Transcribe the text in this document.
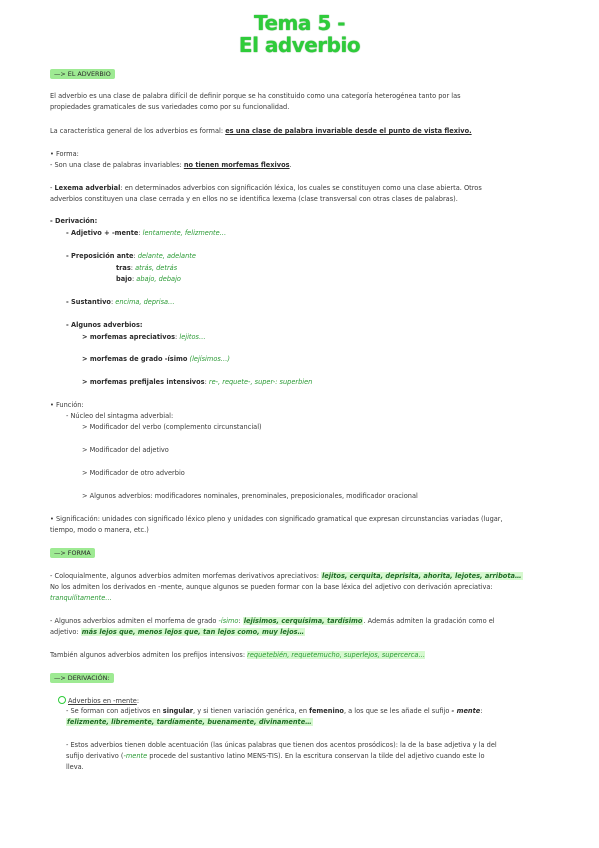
Tema 5 -
El adverbio
—> EL ADVERBIO
El adverbio es una clase de palabra difícil de definir porque se ha constituido como una categoría heterogénea tanto por las
propiedades gramaticales de sus variedades como por su funcionalidad.
La característica general de los adverbios es formal: es una clase de palabra invariable desde el punto de vista flexivo.
• Forma:
- Son una clase de palabras invariables: no tienen morfemas flexivos.
- Lexema adverbial: en determinados adverbios con significación léxica, los cuales se constituyen como una clase abierta. Otros
adverbios constituyen una clase cerrada y en ellos no se identifica lexema (clase transversal con otras clases de palabras).
- Derivación:
- Adjetivo + -mente: lentamente, felizmente…
- Preposición ante: delante, adelante
tras: atrás, detrás
bajo: abajo, debajo
- Sustantivo: encima, deprisa…
- Algunos adverbios:
> morfemas apreciativos: lejitos…
> morfemas de grado -ísimo (lejísimos…)
> morfemas prefijales intensivos: re-, requete-, super-: superbien
• Función:
- Núcleo del sintagma adverbial:
> Modificador del verbo (complemento circunstancial)
> Modificador del adjetivo
> Modificador de otro adverbio
> Algunos adverbios: modificadores nominales, prenominales, preposicionales, modificador oracional
• Significación: unidades con significado léxico pleno y unidades con significado gramatical que expresan circunstancias variadas (lugar,
tiempo, modo o manera, etc.)
—> FORMA
- Coloquialmente, algunos adverbios admiten morfemas derivativos apreciativos: lejitos, cerquita, deprisita, ahorita, lejotes, arribota…
No los admiten los derivados en -mente, aunque algunos se pueden formar con la base léxica del adjetivo con derivación apreciativa:
tranquilitamente…
- Algunos adverbios admiten el morfema de grado -ísimo: lejísimos, cerquísima, tardísimo. Además admiten la gradación como el
adjetivo: más lejos que, menos lejos que, tan lejos como, muy lejos…
También algunos adverbios admiten los prefijos intensivos: requetebién, requetemucho, superlejos, supercerca…
—> DERIVACIÓN:
Adverbios en -mente:
- Se forman con adjetivos en singular, y si tienen variación genérica, en femenino, a los que se les añade el sufijo - mente:
felizmente, libremente, tardíamente, buenamente, divinamente…
- Estos adverbios tienen doble acentuación (las únicas palabras que tienen dos acentos prosódicos): la de la base adjetiva y la del
sufijo derivativo (-mente procede del sustantivo latino MENS-TIS). En la escritura conservan la tilde del adjetivo cuando este lo
lleva.
